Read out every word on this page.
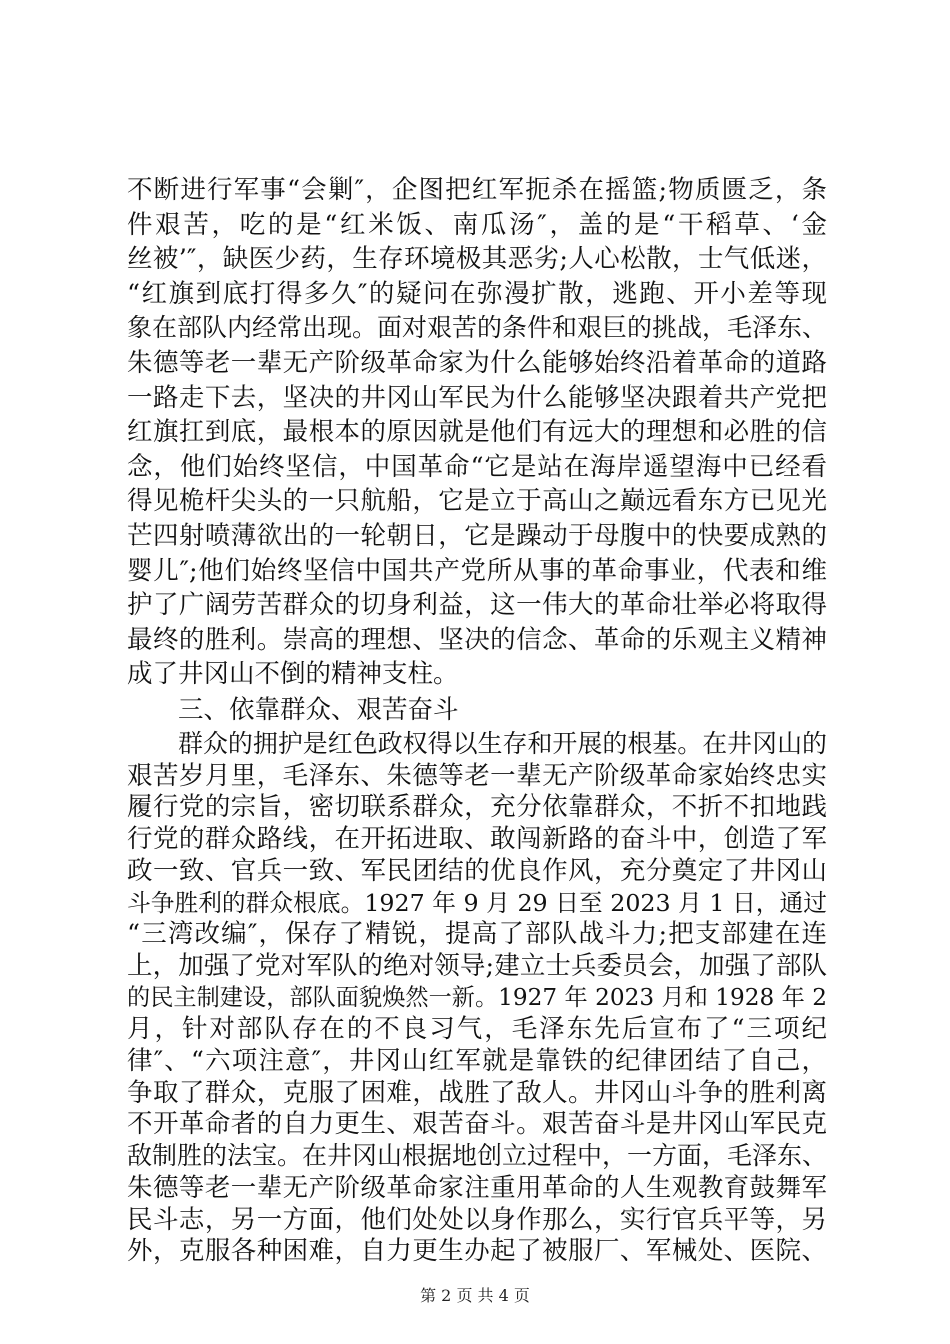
不断进行军事“会剿″，企图把红军扼杀在摇篮;物质匮乏，条
件艰苦，吃的是“红米饭、南瓜汤″，盖的是“干稻草、‘金
丝被’″，缺医少药，生存环境极其恶劣;人心松散，士气低迷，
“红旗到底打得多久″的疑问在弥漫扩散，逃跑、开小差等现
象在部队内经常出现。面对艰苦的条件和艰巨的挑战，毛泽东、
朱德等老一辈无产阶级革命家为什么能够始终沿着革命的道路
一路走下去，坚决的井冈山军民为什么能够坚决跟着共产党把
红旗扛到底，最根本的原因就是他们有远大的理想和必胜的信
念，他们始终坚信，中国革命“它是站在海岸遥望海中已经看
得见桅杆尖头的一只航船，它是立于高山之巅远看东方已见光
芒四射喷薄欲出的一轮朝日，它是躁动于母腹中的快要成熟的
婴儿″;他们始终坚信中国共产党所从事的革命事业，代表和维
护了广阔劳苦群众的切身利益，这一伟大的革命壮举必将取得
最终的胜利。崇高的理想、坚决的信念、革命的乐观主义精神
成了井冈山不倒的精神支柱。
三、依靠群众、艰苦奋斗
群众的拥护是红色政权得以生存和开展的根基。在井冈山的
艰苦岁月里，毛泽东、朱德等老一辈无产阶级革命家始终忠实
履行党的宗旨，密切联系群众，充分依靠群众，不折不扣地践
行党的群众路线，在开拓进取、敢闯新路的奋斗中，创造了军
政一致、官兵一致、军民团结的优良作风，充分奠定了井冈山
斗争胜利的群众根底。1927 年 9 月 29 日至 2023 月 1 日，通过
“三湾改编″，保存了精锐，提高了部队战斗力;把支部建在连
上，加强了党对军队的绝对领导;建立士兵委员会，加强了部队
的民主制建设，部队面貌焕然一新。1927 年 2023 月和 1928 年 2
月，针对部队存在的不良习气，毛泽东先后宣布了“三项纪
律″、“六项注意″，井冈山红军就是靠铁的纪律团结了自己，
争取了群众，克服了困难，战胜了敌人。井冈山斗争的胜利离
不开革命者的自力更生、艰苦奋斗。艰苦奋斗是井冈山军民克
敌制胜的法宝。在井冈山根据地创立过程中，一方面，毛泽东、
朱德等老一辈无产阶级革命家注重用革命的人生观教育鼓舞军
民斗志，另一方面，他们处处以身作那么，实行官兵平等，另
外，克服各种困难，自力更生办起了被服厂、军械处、医院、
第 2 页 共 4 页
